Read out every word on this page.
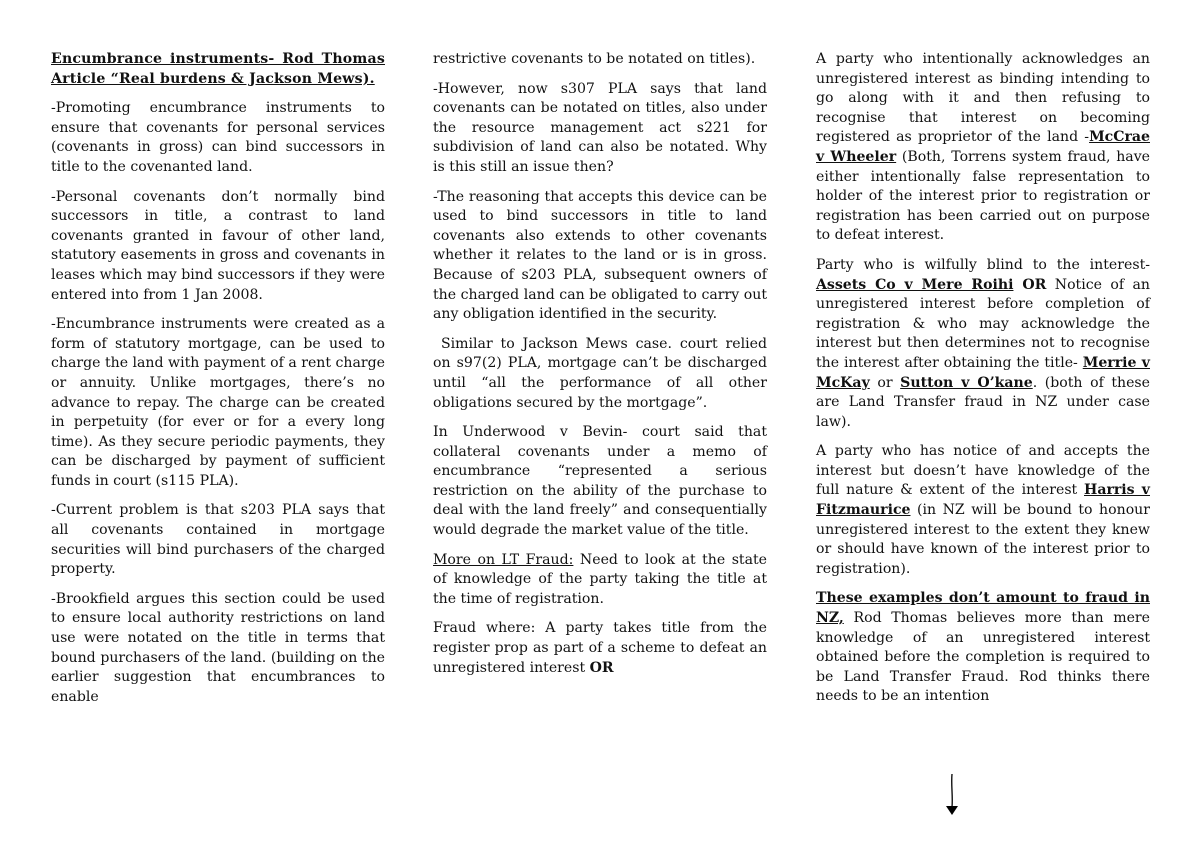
Encumbrance instruments- Rod Thomas Article “Real burdens & Jackson Mews).

-Promoting encumbrance instruments to ensure that covenants for personal services (covenants in gross) can bind successors in title to the covenanted land.

-Personal covenants don’t normally bind successors in title, a contrast to land covenants granted in favour of other land, statutory easements in gross and covenants in leases which may bind successors if they were entered into from 1 Jan 2008.

-Encumbrance instruments were created as a form of statutory mortgage, can be used to charge the land with payment of a rent charge or annuity. Unlike mortgages, there’s no advance to repay. The charge can be created in perpetuity (for ever or for a every long time). As they secure periodic payments, they can be discharged by payment of sufficient funds in court (s115 PLA).

-Current problem is that s203 PLA says that all covenants contained in mortgage securities will bind purchasers of the charged property.

-Brookfield argues this section could be used to ensure local authority restrictions on land use were notated on the title in terms that bound purchasers of the land. (building on the earlier suggestion that encumbrances to enable

restrictive covenants to be notated on titles).

-However, now s307 PLA says that land covenants can be notated on titles, also under the resource management act s221 for subdivision of land can also be notated. Why is this still an issue then?

-The reasoning that accepts this device can be used to bind successors in title to land covenants also extends to other covenants whether it relates to the land or is in gross. Because of s203 PLA, subsequent owners of the charged land can be obligated to carry out any obligation identified in the security.

Similar to Jackson Mews case. court relied on s97(2) PLA, mortgage can’t be discharged until “all the performance of all other obligations secured by the mortgage”.

In Underwood v Bevin- court said that collateral covenants under a memo of encumbrance “represented a serious restriction on the ability of the purchase to deal with the land freely” and consequentially would degrade the market value of the title.

More on LT Fraud: Need to look at the state of knowledge of the party taking the title at the time of registration.

Fraud where: A party takes title from the register prop as part of a scheme to defeat an unregistered interest OR

A party who intentionally acknowledges an unregistered interest as binding intending to go along with it and then refusing to recognise that interest on becoming registered as proprietor of the land -McCrae v Wheeler (Both, Torrens system fraud, have either intentionally false representation to holder of the interest prior to registration or registration has been carried out on purpose to defeat interest.

Party who is wilfully blind to the interest- Assets Co v Mere Roihi OR Notice of an unregistered interest before completion of registration & who may acknowledge the interest but then determines not to recognise the interest after obtaining the title- Merrie v McKay or Sutton v O’kane. (both of these are Land Transfer fraud in NZ under case law).

A party who has notice of and accepts the interest but doesn’t have knowledge of the full nature & extent of the interest Harris v Fitzmaurice (in NZ will be bound to honour unregistered interest to the extent they knew or should have known of the interest prior to registration).

These examples don’t amount to fraud in NZ, Rod Thomas believes more than mere knowledge of an unregistered interest obtained before the completion is required to be Land Transfer Fraud. Rod thinks there needs to be an intention
